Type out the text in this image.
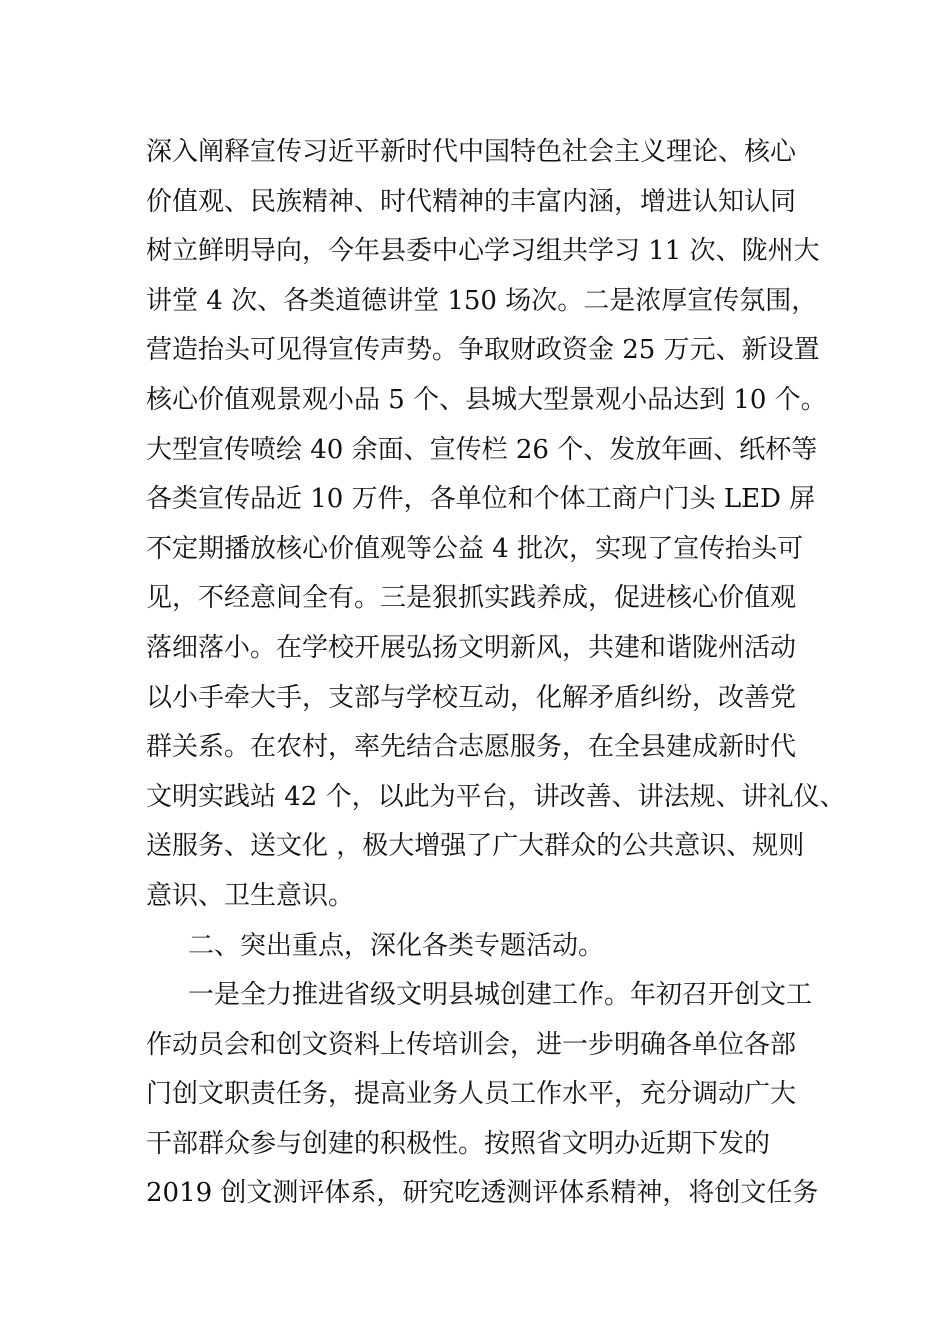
深入阐释宣传习近平新时代中国特色社会主义理论、核心
价值观、民族精神、时代精神的丰富内涵，增进认知认同
树立鲜明导向，今年县委中心学习组共学习 11 次、陇州大
讲堂 4 次、各类道德讲堂 150 场次。二是浓厚宣传氛围，
营造抬头可见得宣传声势。争取财政资金 25 万元、新设置
核心价值观景观小品 5 个、县城大型景观小品达到 10 个。
大型宣传喷绘 40 余面、宣传栏 26 个、发放年画、纸杯等
各类宣传品近 10 万件，各单位和个体工商户门头 LED 屏
不定期播放核心价值观等公益 4 批次，实现了宣传抬头可
见，不经意间全有。三是狠抓实践养成，促进核心价值观
落细落小。在学校开展弘扬文明新风，共建和谐陇州活动
以小手牵大手，支部与学校互动，化解矛盾纠纷，改善党
群关系。在农村，率先结合志愿服务，在全县建成新时代
文明实践站 42 个，以此为平台，讲改善、讲法规、讲礼仪、
送服务、送文化 ，极大增强了广大群众的公共意识、规则
意识、卫生意识。
二、突出重点，深化各类专题活动。
一是全力推进省级文明县城创建工作。年初召开创文工
作动员会和创文资料上传培训会，进一步明确各单位各部
门创文职责任务，提高业务人员工作水平，充分调动广大
干部群众参与创建的积极性。按照省文明办近期下发的
2019 创文测评体系，研究吃透测评体系精神，将创文任务
